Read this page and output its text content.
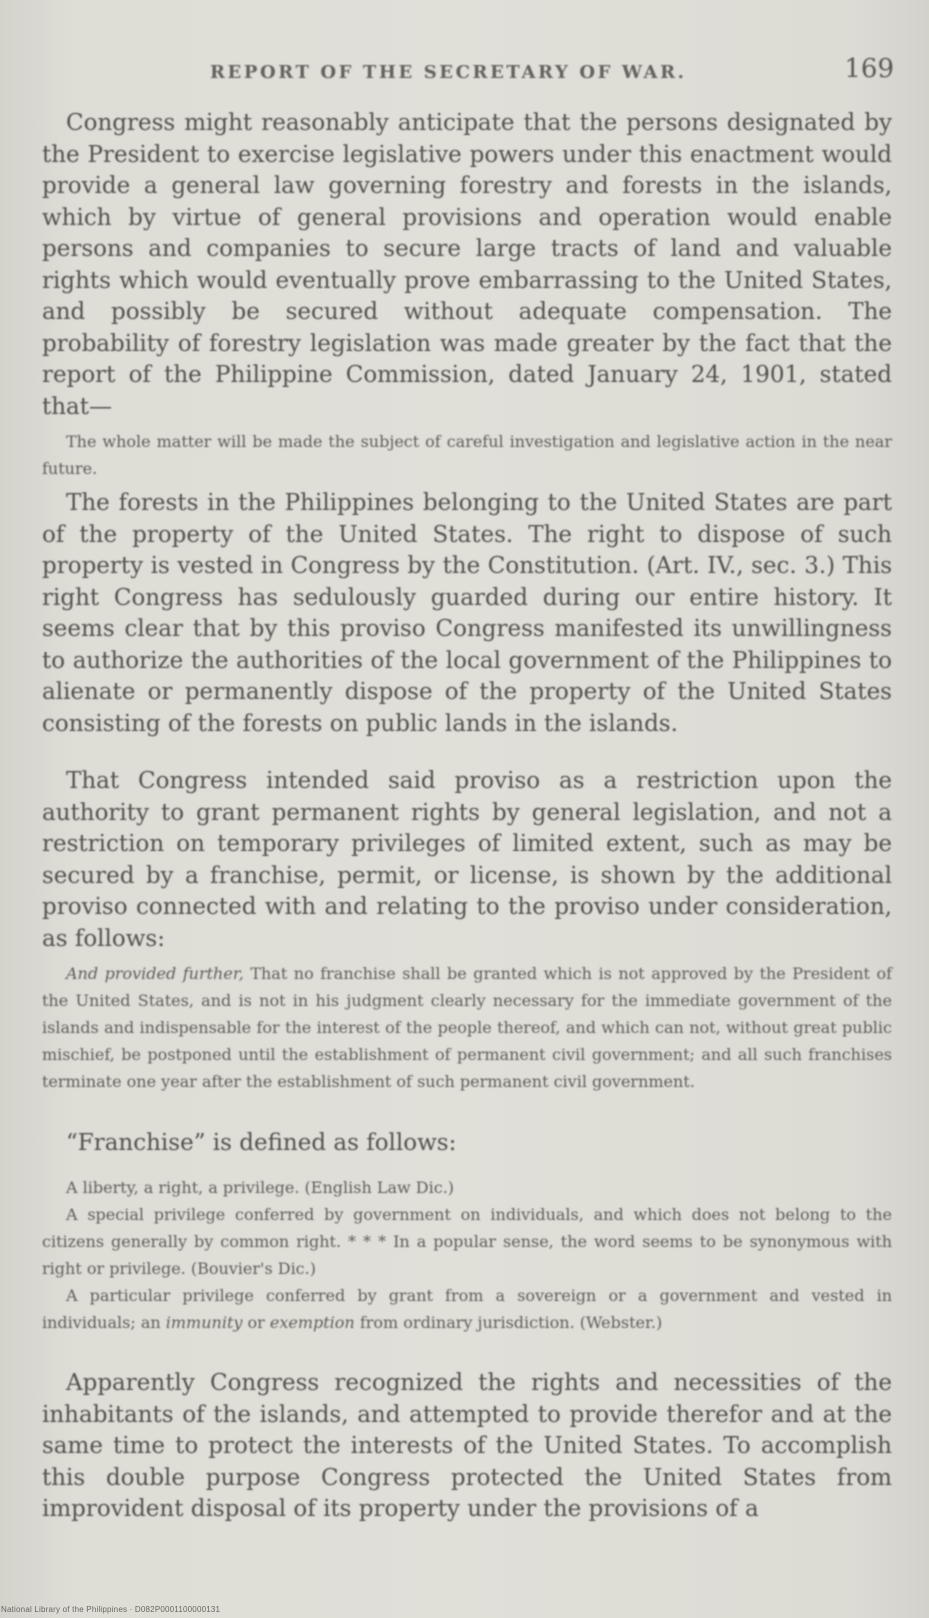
REPORT OF THE SECRETARY OF WAR.	169

Congress might reasonably anticipate that the persons designated by the President to exercise legislative powers under this enactment would provide a general law governing forestry and forests in the islands, which by virtue of general provisions and operation would enable persons and companies to secure large tracts of land and valuable rights which would eventually prove embarrassing to the United States, and possibly be secured without adequate compensation. The probability of forestry legislation was made greater by the fact that the report of the Philippine Commission, dated January 24, 1901, stated that—

The whole matter will be made the subject of careful investigation and legislative action in the near future.

The forests in the Philippines belonging to the United States are part of the property of the United States. The right to dispose of such property is vested in Congress by the Constitution. (Art. IV., sec. 3.) This right Congress has sedulously guarded during our entire history. It seems clear that by this proviso Congress manifested its unwillingness to authorize the authorities of the local government of the Philippines to alienate or permanently dispose of the property of the United States consisting of the forests on public lands in the islands.

That Congress intended said proviso as a restriction upon the authority to grant permanent rights by general legislation, and not a restriction on temporary privileges of limited extent, such as may be secured by a franchise, permit, or license, is shown by the additional proviso connected with and relating to the proviso under consideration, as follows:

And provided further, That no franchise shall be granted which is not approved by the President of the United States, and is not in his judgment clearly necessary for the immediate government of the islands and indispensable for the interest of the people thereof, and which can not, without great public mischief, be postponed until the establishment of permanent civil government; and all such franchises terminate one year after the establishment of such permanent civil government.

“Franchise” is defined as follows:

A liberty, a right, a privilege. (English Law Dic.)

A special privilege conferred by government on individuals, and which does not belong to the citizens generally by common right. * * * In a popular sense, the word seems to be synonymous with right or privilege. (Bouvier's Dic.)

A particular privilege conferred by grant from a sovereign or a government and vested in individuals; an immunity or exemption from ordinary jurisdiction. (Webster.)

Apparently Congress recognized the rights and necessities of the inhabitants of the islands, and attempted to provide therefor and at the same time to protect the interests of the United States. To accomplish this double purpose Congress protected the United States from improvident disposal of its property under the provisions of a

National Library of the Philippines · D082P0001100000131
